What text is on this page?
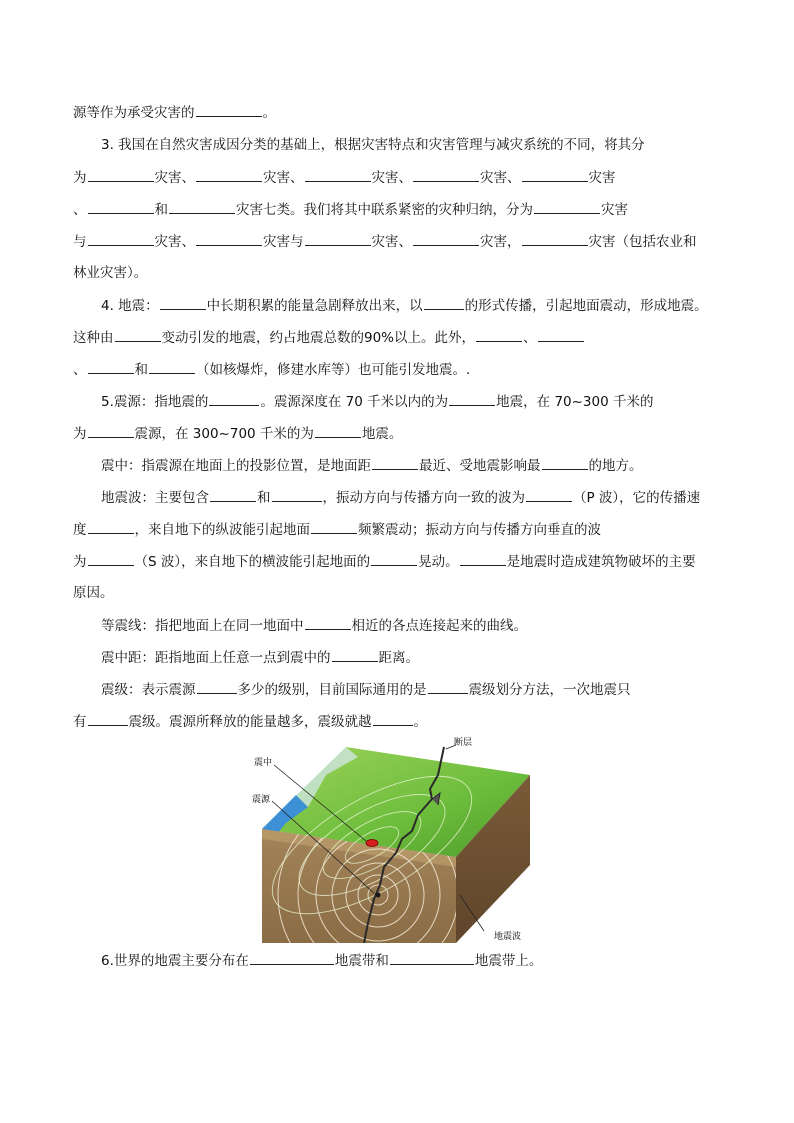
源等作为承受灾害的	。
3. 我国在自然灾害成因分类的基础上，根据灾害特点和灾害管理与减灾系统的不同，将其分
为	灾害、	灾害、	灾害、	灾害、	灾害
、	和	灾害七类。我们将其中联系紧密的灾种归纳，分为	灾害
与	灾害、	灾害与	灾害、	灾害，	灾害（包括农业和
林业灾害）。
4. 地震：	中长期积累的能量急剧释放出来，以	的形式传播，引起地面震动，形成地震。
这种由	变动引发的地震，约占地震总数的90%以上。此外，	、
、	和	（如核爆炸，修建水库等）也可能引发地震。.
5.震源：指地震的	。震源深度在 70 千米以内的为	地震，在 70~300 千米的
为	震源，在 300~700 千米的为	地震。
震中：指震源在地面上的投影位置，是地面距	最近、受地震影响最	的地方。
地震波：主要包含	和	，振动方向与传播方向一致的波为	（P 波），它的传播速
度	，来自地下的纵波能引起地面	频繁震动；振动方向与传播方向垂直的波
为	（S 波），来自地下的横波能引起地面的	晃动。	是地震时造成建筑物破坏的主要
原因。
等震线：指把地面上在同一地面中	相近的各点连接起来的曲线。
震中距：距指地面上任意一点到震中的	距离。
震级：表示震源	多少的级别，目前国际通用的是	震级划分方法，一次地震只
有	震级。震源所释放的能量越多，震级就越	。
断层
震中
震源
地震波
6.世界的地震主要分布在	地震带和	地震带上。
